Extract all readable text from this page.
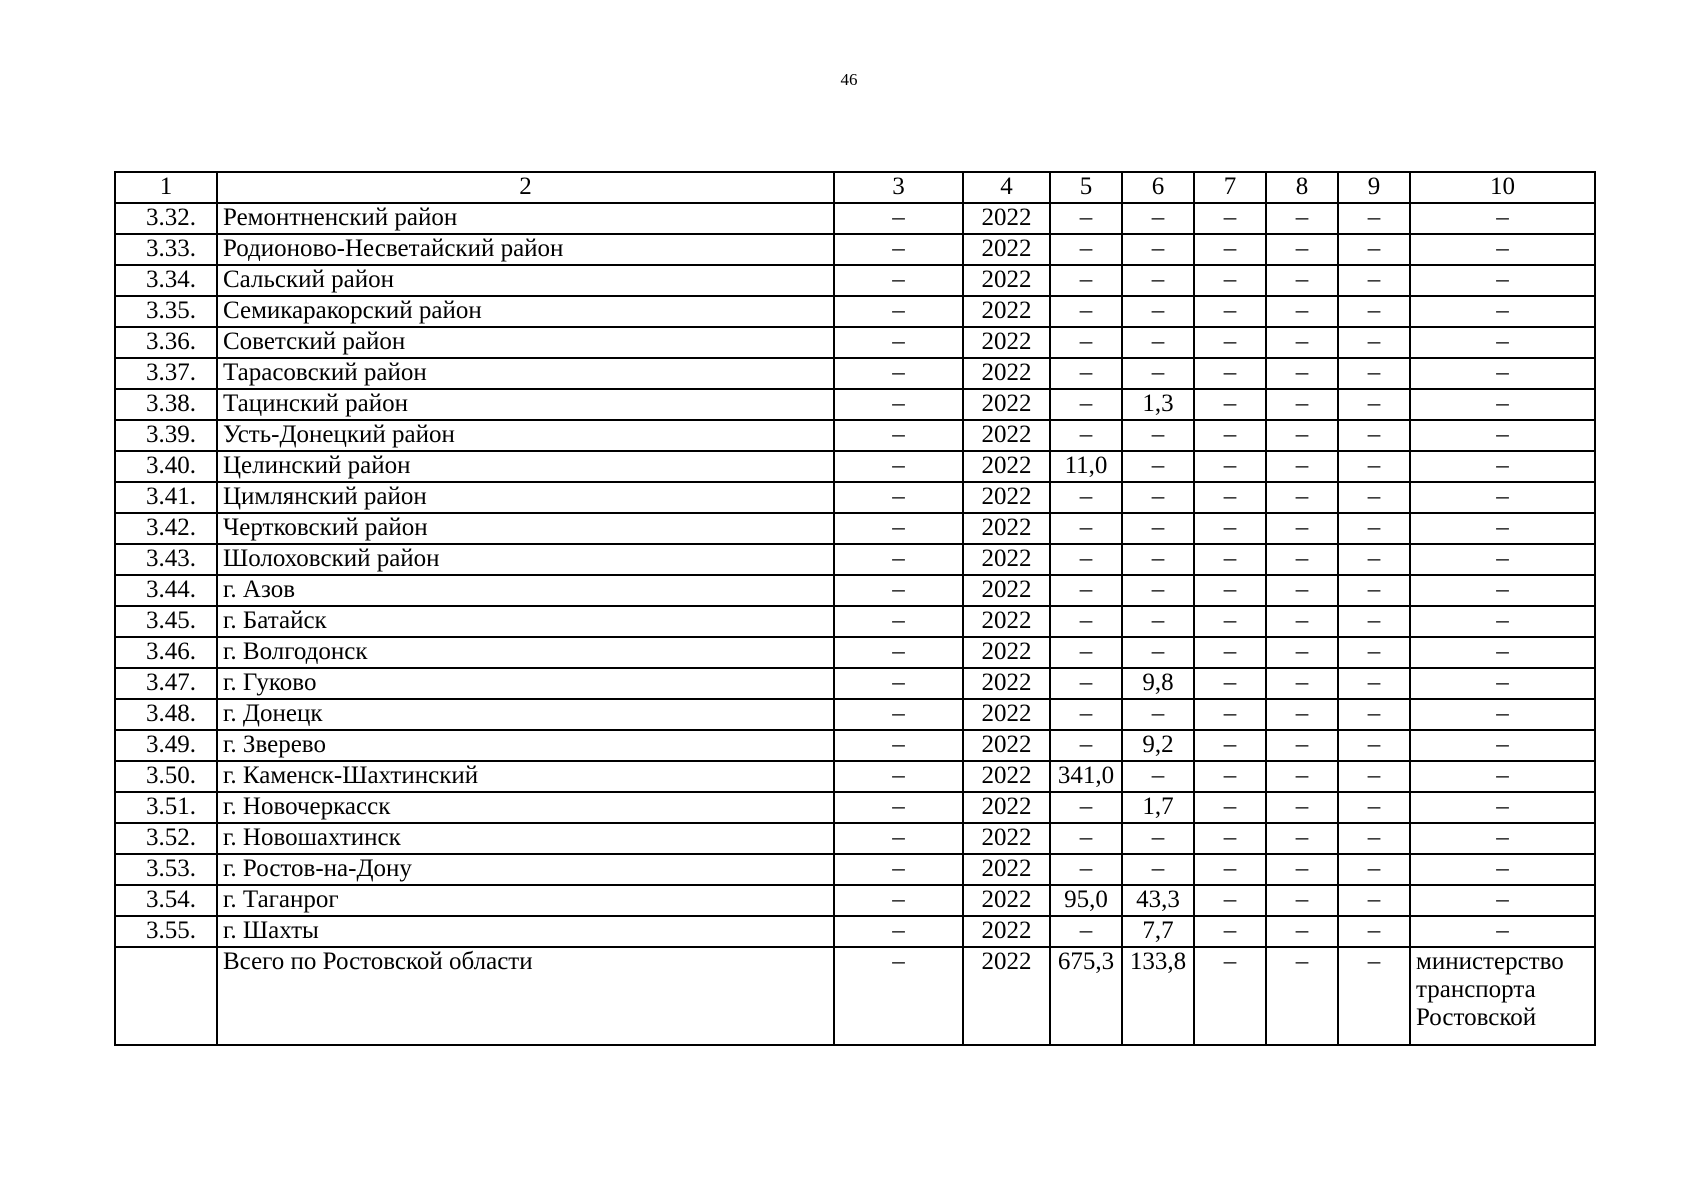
46
1	2	3	4	5	6	7	8	9	10
3.32.	Ремонтненский район	–	2022	–	–	–	–	–	–
3.33.	Родионово-Несветайский район	–	2022	–	–	–	–	–	–
3.34.	Сальский район	–	2022	–	–	–	–	–	–
3.35.	Семикаракорский район	–	2022	–	–	–	–	–	–
3.36.	Советский район	–	2022	–	–	–	–	–	–
3.37.	Тарасовский район	–	2022	–	–	–	–	–	–
3.38.	Тацинский район	–	2022	–	1,3	–	–	–	–
3.39.	Усть-Донецкий район	–	2022	–	–	–	–	–	–
3.40.	Целинский район	–	2022	11,0	–	–	–	–	–
3.41.	Цимлянский район	–	2022	–	–	–	–	–	–
3.42.	Чертковский район	–	2022	–	–	–	–	–	–
3.43.	Шолоховский район	–	2022	–	–	–	–	–	–
3.44.	г. Азов	–	2022	–	–	–	–	–	–
3.45.	г. Батайск	–	2022	–	–	–	–	–	–
3.46.	г. Волгодонск	–	2022	–	–	–	–	–	–
3.47.	г. Гуково	–	2022	–	9,8	–	–	–	–
3.48.	г. Донецк	–	2022	–	–	–	–	–	–
3.49.	г. Зверево	–	2022	–	9,2	–	–	–	–
3.50.	г. Каменск-Шахтинский	–	2022	341,0	–	–	–	–	–
3.51.	г. Новочеркасск	–	2022	–	1,7	–	–	–	–
3.52.	г. Новошахтинск	–	2022	–	–	–	–	–	–
3.53.	г. Ростов-на-Дону	–	2022	–	–	–	–	–	–
3.54.	г. Таганрог	–	2022	95,0	43,3	–	–	–	–
3.55.	г. Шахты	–	2022	–	7,7	–	–	–	–
	Всего по Ростовской области	–	2022	675,3	133,8	–	–	–	министерство транспорта Ростовской
